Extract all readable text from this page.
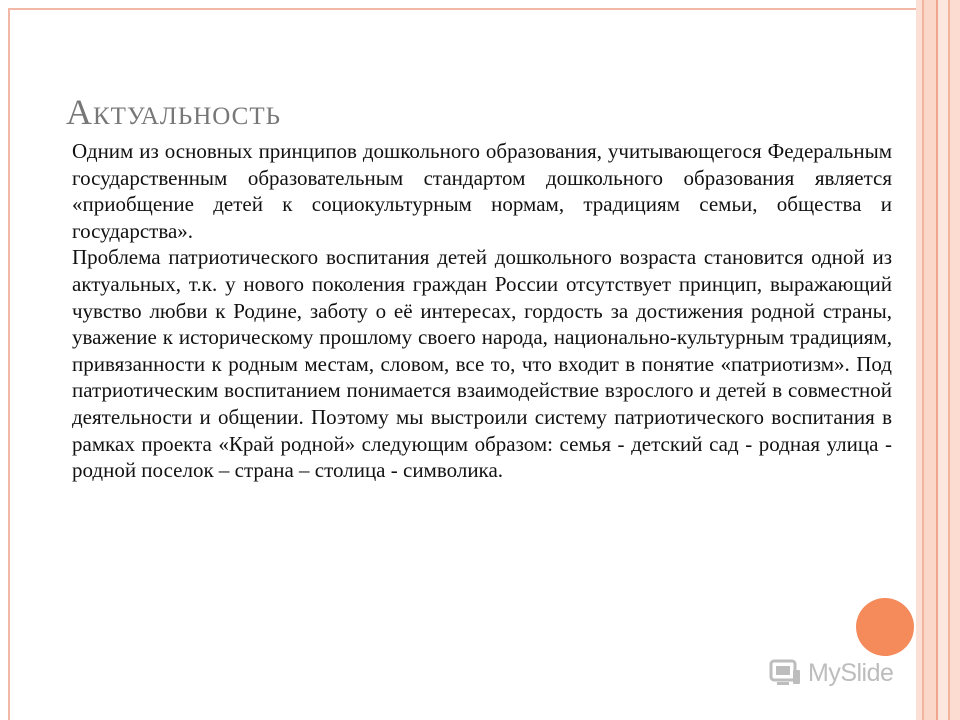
Актуальность

Одним из основных принципов дошкольного образования, учитывающегося Федеральным государственным образовательным стандартом дошкольного образования является «приобщение детей к социокультурным нормам, традициям семьи, общества и государства».

Проблема патриотического воспитания детей дошкольного возраста становится одной из актуальных, т.к. у нового поколения граждан России отсутствует принцип, выражающий чувство любви к Родине, заботу о её интересах, гордость за достижения родной страны, уважение к историческому прошлому своего народа, национально-культурным традициям, привязанности к родным местам, словом, все то, что входит в понятие «патриотизм». Под патриотическим воспитанием понимается взаимодействие взрослого и детей в совместной деятельности и общении. Поэтому мы выстроили систему патриотического воспитания в рамках проекта «Край родной» следующим образом: семья - детский сад - родная улица - родной поселок – страна – столица - символика.

MySlide
